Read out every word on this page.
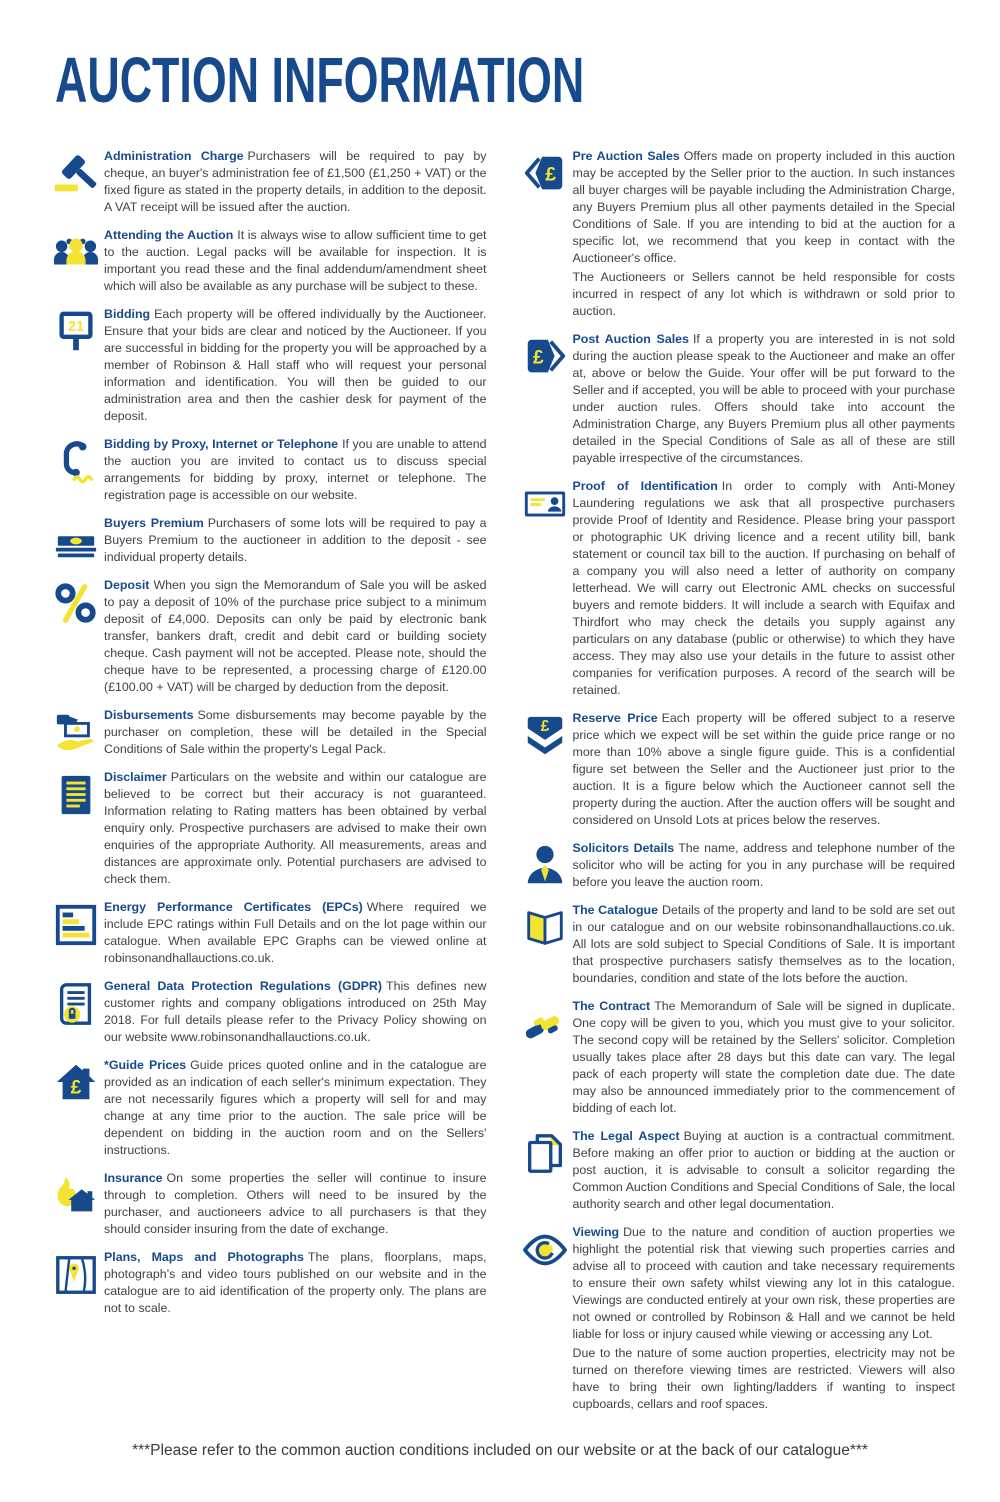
AUCTION INFORMATION

Administration Charge Purchasers will be required to pay by cheque, an buyer's administration fee of £1,500 (£1,250 + VAT) or the fixed figure as stated in the property details, in addition to the deposit. A VAT receipt will be issued after the auction.

Attending the Auction It is always wise to allow sufficient time to get to the auction. Legal packs will be available for inspection. It is important you read these and the final addendum/amendment sheet which will also be available as any purchase will be subject to these.

21

Bidding Each property will be offered individually by the Auctioneer. Ensure that your bids are clear and noticed by the Auctioneer. If you are successful in bidding for the property you will be approached by a member of Robinson & Hall staff who will request your personal information and identification. You will then be guided to our administration area and then the cashier desk for payment of the deposit.

Bidding by Proxy, Internet or Telephone If you are unable to attend the auction you are invited to contact us to discuss special arrangements for bidding by proxy, internet or telephone. The registration page is accessible on our website.

Buyers Premium Purchasers of some lots will be required to pay a Buyers Premium to the auctioneer in addition to the deposit - see individual property details.

Deposit When you sign the Memorandum of Sale you will be asked to pay a deposit of 10% of the purchase price subject to a minimum deposit of £4,000. Deposits can only be paid by electronic bank transfer, bankers draft, credit and debit card or building society cheque. Cash payment will not be accepted. Please note, should the cheque have to be represented, a processing charge of £120.00 (£100.00 + VAT) will be charged by deduction from the deposit.

Disbursements Some disbursements may become payable by the purchaser on completion, these will be detailed in the Special Conditions of Sale within the property's Legal Pack.

Disclaimer Particulars on the website and within our catalogue are believed to be correct but their accuracy is not guaranteed. Information relating to Rating matters has been obtained by verbal enquiry only. Prospective purchasers are advised to make their own enquiries of the appropriate Authority. All measurements, areas and distances are approximate only. Potential purchasers are advised to check them.

Energy Performance Certificates (EPCs) Where required we include EPC ratings within Full Details and on the lot page within our catalogue. When available EPC Graphs can be viewed online at robinsonandhallauctions.co.uk.

General Data Protection Regulations (GDPR) This defines new customer rights and company obligations introduced on 25th May 2018. For full details please refer to the Privacy Policy showing on our website www.robinsonandhallauctions.co.uk.

£

*Guide Prices Guide prices quoted online and in the catalogue are provided as an indication of each seller's minimum expectation. They are not necessarily figures which a property will sell for and may change at any time prior to the auction. The sale price will be dependent on bidding in the auction room and on the Sellers' instructions.

Insurance On some properties the seller will continue to insure through to completion. Others will need to be insured by the purchaser, and auctioneers advice to all purchasers is that they should consider insuring from the date of exchange.

Plans, Maps and Photographs The plans, floorplans, maps, photograph's and video tours published on our website and in the catalogue are to aid identification of the property only. The plans are not to scale.

£

Pre Auction Sales Offers made on property included in this auction may be accepted by the Seller prior to the auction. In such instances all buyer charges will be payable including the Administration Charge, any Buyers Premium plus all other payments detailed in the Special Conditions of Sale. If you are intending to bid at the auction for a specific lot, we recommend that you keep in contact with the Auctioneer's office.

The Auctioneers or Sellers cannot be held responsible for costs incurred in respect of any lot which is withdrawn or sold prior to auction.

£

Post Auction Sales If a property you are interested in is not sold during the auction please speak to the Auctioneer and make an offer at, above or below the Guide. Your offer will be put forward to the Seller and if accepted, you will be able to proceed with your purchase under auction rules. Offers should take into account the Administration Charge, any Buyers Premium plus all other payments detailed in the Special Conditions of Sale as all of these are still payable irrespective of the circumstances.

Proof of Identification In order to comply with Anti-Money Laundering regulations we ask that all prospective purchasers provide Proof of Identity and Residence. Please bring your passport or photographic UK driving licence and a recent utility bill, bank statement or council tax bill to the auction. If purchasing on behalf of a company you will also need a letter of authority on company letterhead. We will carry out Electronic AML checks on successful buyers and remote bidders. It will include a search with Equifax and Thirdfort who may check the details you supply against any particulars on any database (public or otherwise) to which they have access. They may also use your details in the future to assist other companies for verification purposes. A record of the search will be retained.

£

Reserve Price Each property will be offered subject to a reserve price which we expect will be set within the guide price range or no more than 10% above a single figure guide. This is a confidential figure set between the Seller and the Auctioneer just prior to the auction. It is a figure below which the Auctioneer cannot sell the property during the auction. After the auction offers will be sought and considered on Unsold Lots at prices below the reserves.

Solicitors Details The name, address and telephone number of the solicitor who will be acting for you in any purchase will be required before you leave the auction room.

The Catalogue Details of the property and land to be sold are set out in our catalogue and on our website robinsonandhallauctions.co.uk. All lots are sold subject to Special Conditions of Sale. It is important that prospective purchasers satisfy themselves as to the location, boundaries, condition and state of the lots before the auction.

The Contract The Memorandum of Sale will be signed in duplicate. One copy will be given to you, which you must give to your solicitor. The second copy will be retained by the Sellers' solicitor. Completion usually takes place after 28 days but this date can vary. The legal pack of each property will state the completion date due. The date may also be announced immediately prior to the commencement of bidding of each lot.

The Legal Aspect Buying at auction is a contractual commitment. Before making an offer prior to auction or bidding at the auction or post auction, it is advisable to consult a solicitor regarding the Common Auction Conditions and Special Conditions of Sale, the local authority search and other legal documentation.

Viewing Due to the nature and condition of auction properties we highlight the potential risk that viewing such properties carries and advise all to proceed with caution and take necessary requirements to ensure their own safety whilst viewing any lot in this catalogue. Viewings are conducted entirely at your own risk, these properties are not owned or controlled by Robinson & Hall and we cannot be held liable for loss or injury caused while viewing or accessing any Lot.

Due to the nature of some auction properties, electricity may not be turned on therefore viewing times are restricted. Viewers will also have to bring their own lighting/ladders if wanting to inspect cupboards, cellars and roof spaces.

***Please refer to the common auction conditions included on our website or at the back of our catalogue***
